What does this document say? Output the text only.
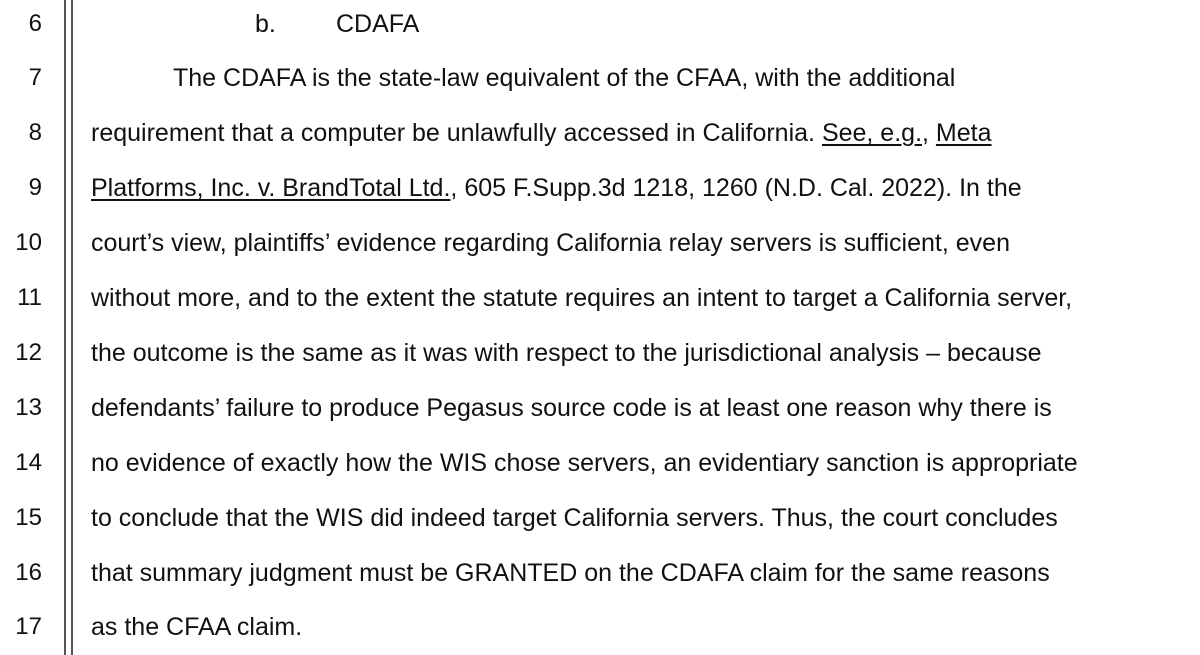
6
7
8
9
10
11
12
13
14
15
16
17
b. CDAFA
The CDAFA is the state-law equivalent of the CFAA, with the additional
requirement that a computer be unlawfully accessed in California. See, e.g., Meta
Platforms, Inc. v. BrandTotal Ltd., 605 F.Supp.3d 1218, 1260 (N.D. Cal. 2022). In the
court’s view, plaintiffs’ evidence regarding California relay servers is sufficient, even
without more, and to the extent the statute requires an intent to target a California server,
the outcome is the same as it was with respect to the jurisdictional analysis – because
defendants’ failure to produce Pegasus source code is at least one reason why there is
no evidence of exactly how the WIS chose servers, an evidentiary sanction is appropriate
to conclude that the WIS did indeed target California servers. Thus, the court concludes
that summary judgment must be GRANTED on the CDAFA claim for the same reasons
as the CFAA claim.
